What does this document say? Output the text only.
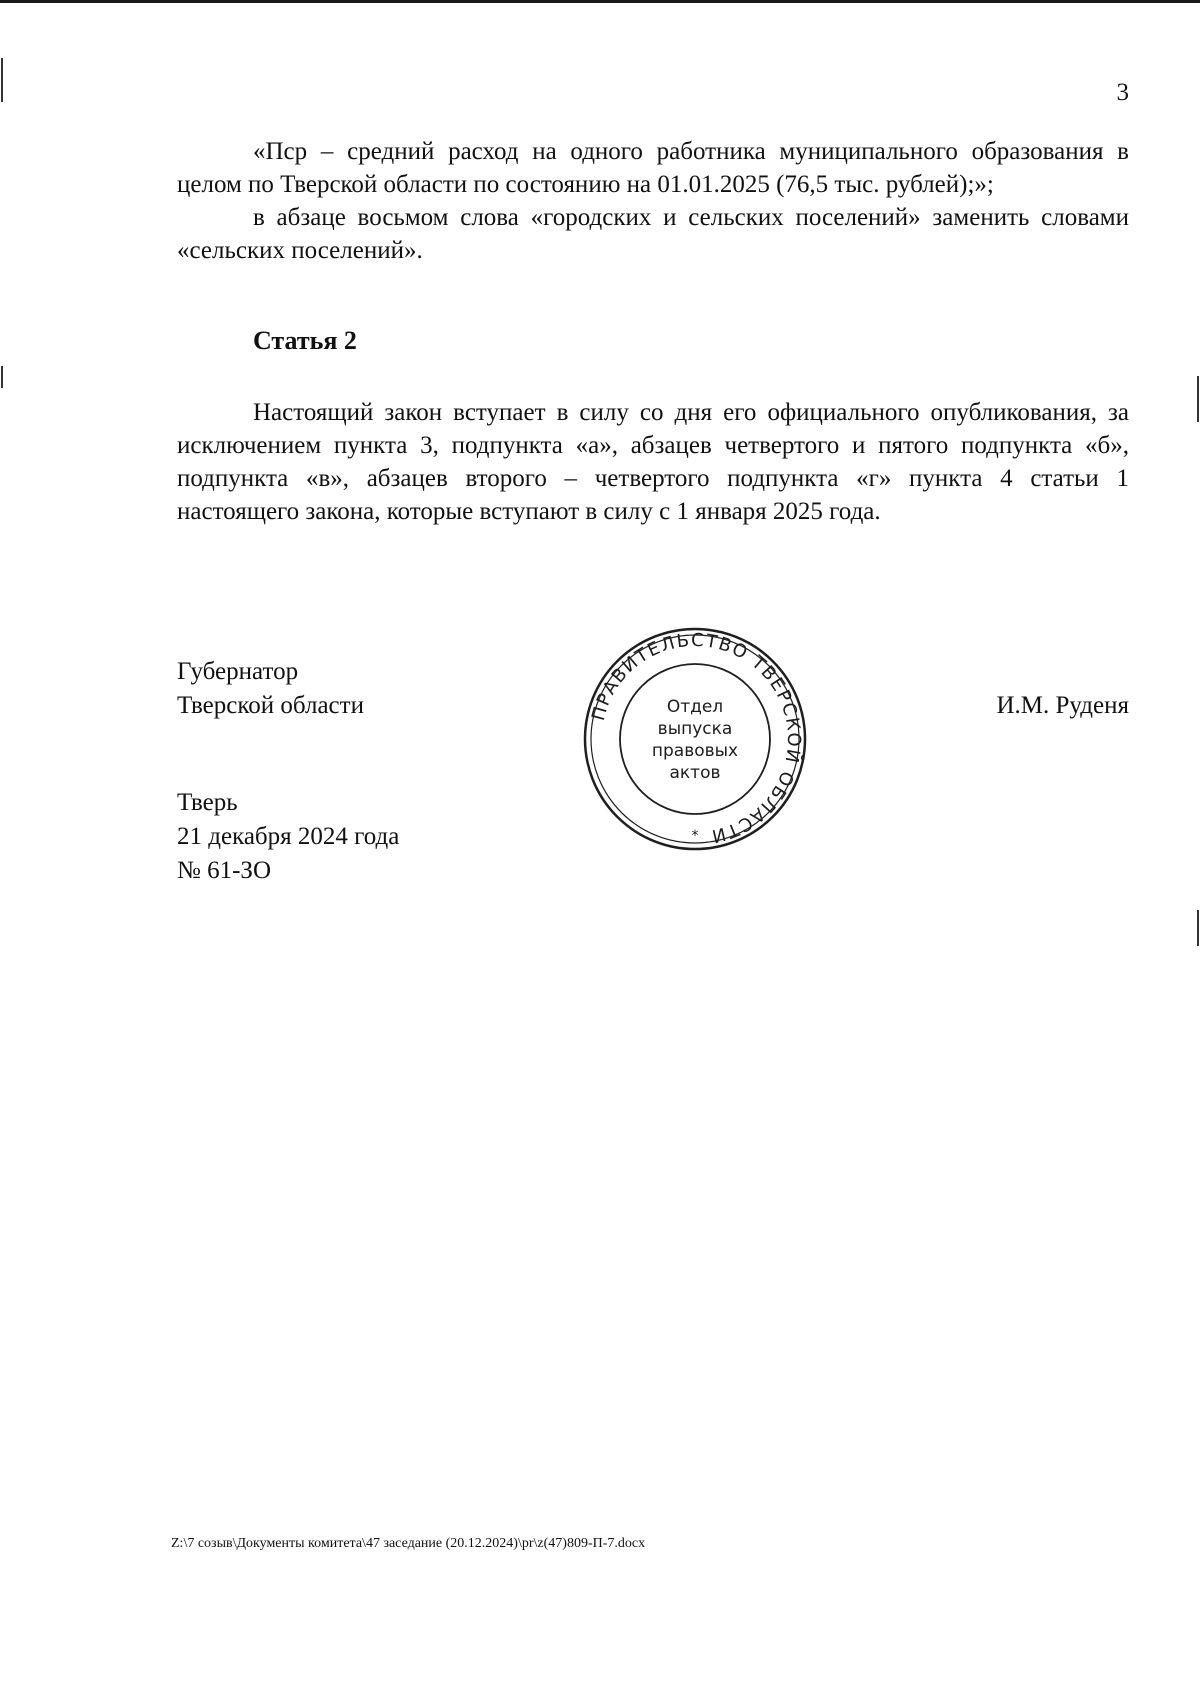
3

«Пср – средний расход на одного работника муниципального образования в целом по Тверской области по состоянию на 01.01.2025 (76,5 тыс. рублей);»;

в абзаце восьмом слова «городских и сельских поселений» заменить словами «сельских поселений».

Статья 2

Настоящий закон вступает в силу со дня его официального опубликования, за исключением пункта 3, подпункта «а», абзацев четвертого и пятого подпункта «б», подпункта «в», абзацев второго – четвертого подпункта «г» пункта 4 статьи 1 настоящего закона, которые вступают в силу с 1 января 2025 года.

Губернатор
Тверской области	И.М. Руденя
Тверь
21 декабря 2024 года
№ 61-ЗО
ПРАВИТЕЛЬСТВО ТВЕРСКОЙ ОБЛАСТИ
Отдел
выпуска
правовых
актов
*
Z:\7 созыв\Документы комитета\47 заседание (20.12.2024)\pr\z(47)809-П-7.docx
